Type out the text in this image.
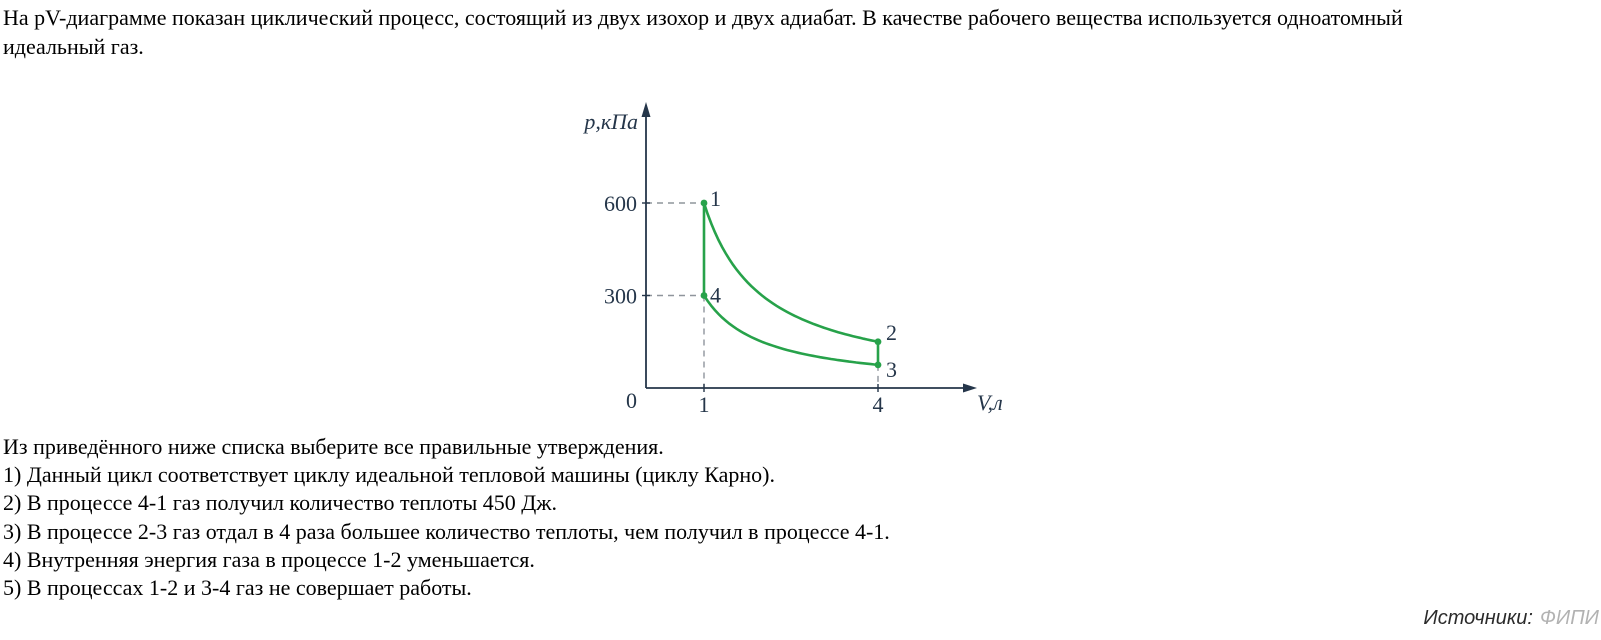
На pV-диаграмме показан циклический процесс, состоящий из двух изохор и двух адиабат. В качестве рабочего вещества используется одноатомный идеальный газ.
300
600
1	4
0
p,кПа
V,л
1
2
3
4
Из приведённого ниже списка выберите все правильные утверждения.
1) Данный цикл соответствует циклу идеальной тепловой машины (циклу Карно).
2) В процессе 4-1 газ получил количество теплоты 450 Дж.
3) В процессе 2-3 газ отдал в 4 раза большее количество теплоты, чем получил в процессе 4-1.
4) Внутренняя энергия газа в процессе 1-2 уменьшается.
5) В процессах 1-2 и 3-4 газ не совершает работы.
Источники: ФИПИ
